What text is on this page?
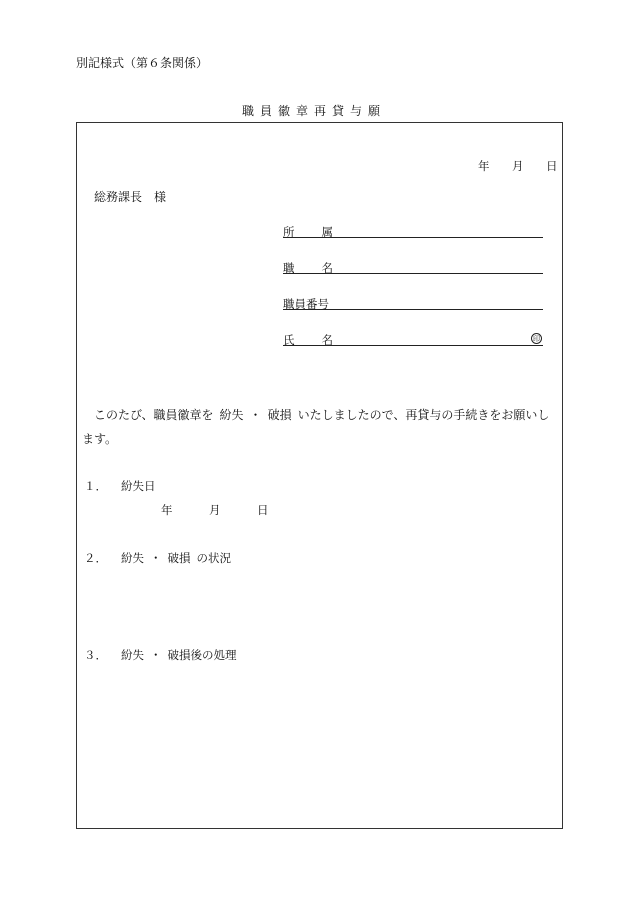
別記様式（第６条関係）
職員徽章再貸与願
年 月 日
総務課長 様
所 属
職 名
職員番号
氏 名	印
このたび、職員徽章を 紛失 ・ 破損 いたしましたので、再貸与の手続きをお願いします。
１． 紛失日
年	月	日
２． 紛失 ・ 破損 の状況
３． 紛失 ・ 破損後の処理
